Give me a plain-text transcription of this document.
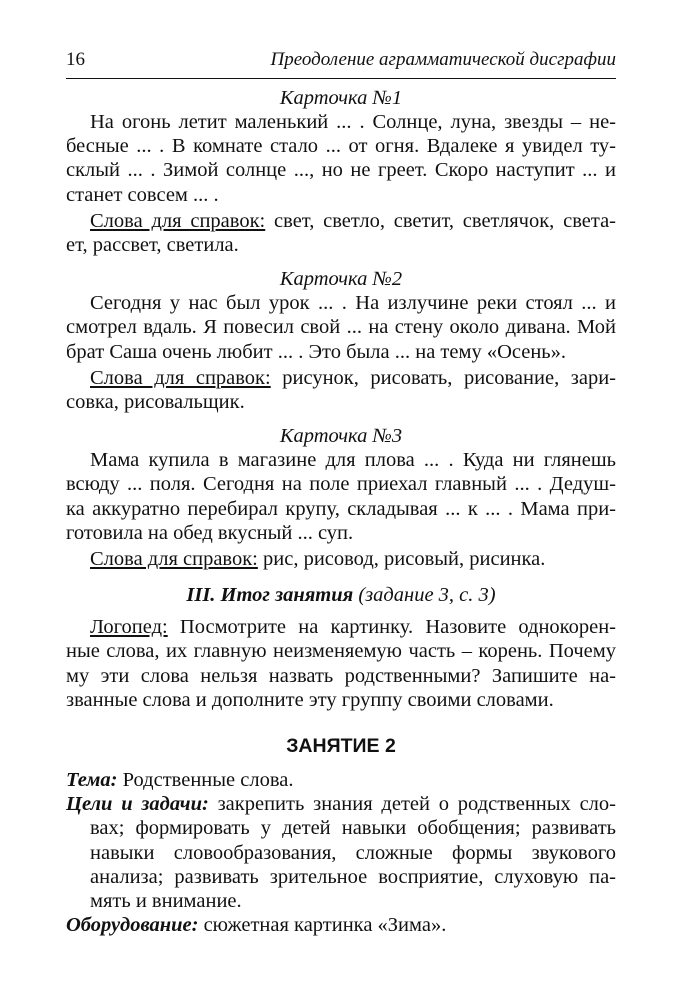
16	Преодоление аграмматической дисграфии

Карточка №1

На огонь летит маленький ... . Солнце, луна, звезды – не-
бесные ... . В комнате стало ... от огня. Вдалеке я увидел ту-
склый ... . Зимой солнце ..., но не греет. Скоро наступит ... и
станет совсем ... .
Слова для справок: свет, светло, светит, светлячок, света-
ет, рассвет, светила.

Карточка №2

Сегодня у нас был урок ... . На излучине реки стоял ... и
смотрел вдаль. Я повесил свой ... на стену около дивана. Мой
брат Саша очень любит ... . Это была ... на тему «Осень».
Слова для справок: рисунок, рисовать, рисование, зари-
совка, рисовальщик.

Карточка №3

Мама купила в магазине для плова ... . Куда ни глянешь
всюду ... поля. Сегодня на поле приехал главный ... . Дедуш-
ка аккуратно перебирал крупу, складывая ... к ... . Мама при-
готовила на обед вкусный ... суп.
Слова для справок: рис, рисовод, рисовый, рисинка.

III. Итог занятия (задание 3, с. 3)

Логопед: Посмотрите на картинку. Назовите однокорен-
ные слова, их главную неизменяемую часть – корень. Почему
му эти слова нельзя назвать родственными? Запишите на-
званные слова и дополните эту группу своими словами.

ЗАНЯТИЕ 2

Тема: Родственные слова.
Цели и задачи: закрепить знания детей о родственных сло-
вах; формировать у детей навыки обобщения; развивать
навыки словообразования, сложные формы звукового
анализа; развивать зрительное восприятие, слуховую па-
мять и внимание.
Оборудование: сюжетная картинка «Зима».
